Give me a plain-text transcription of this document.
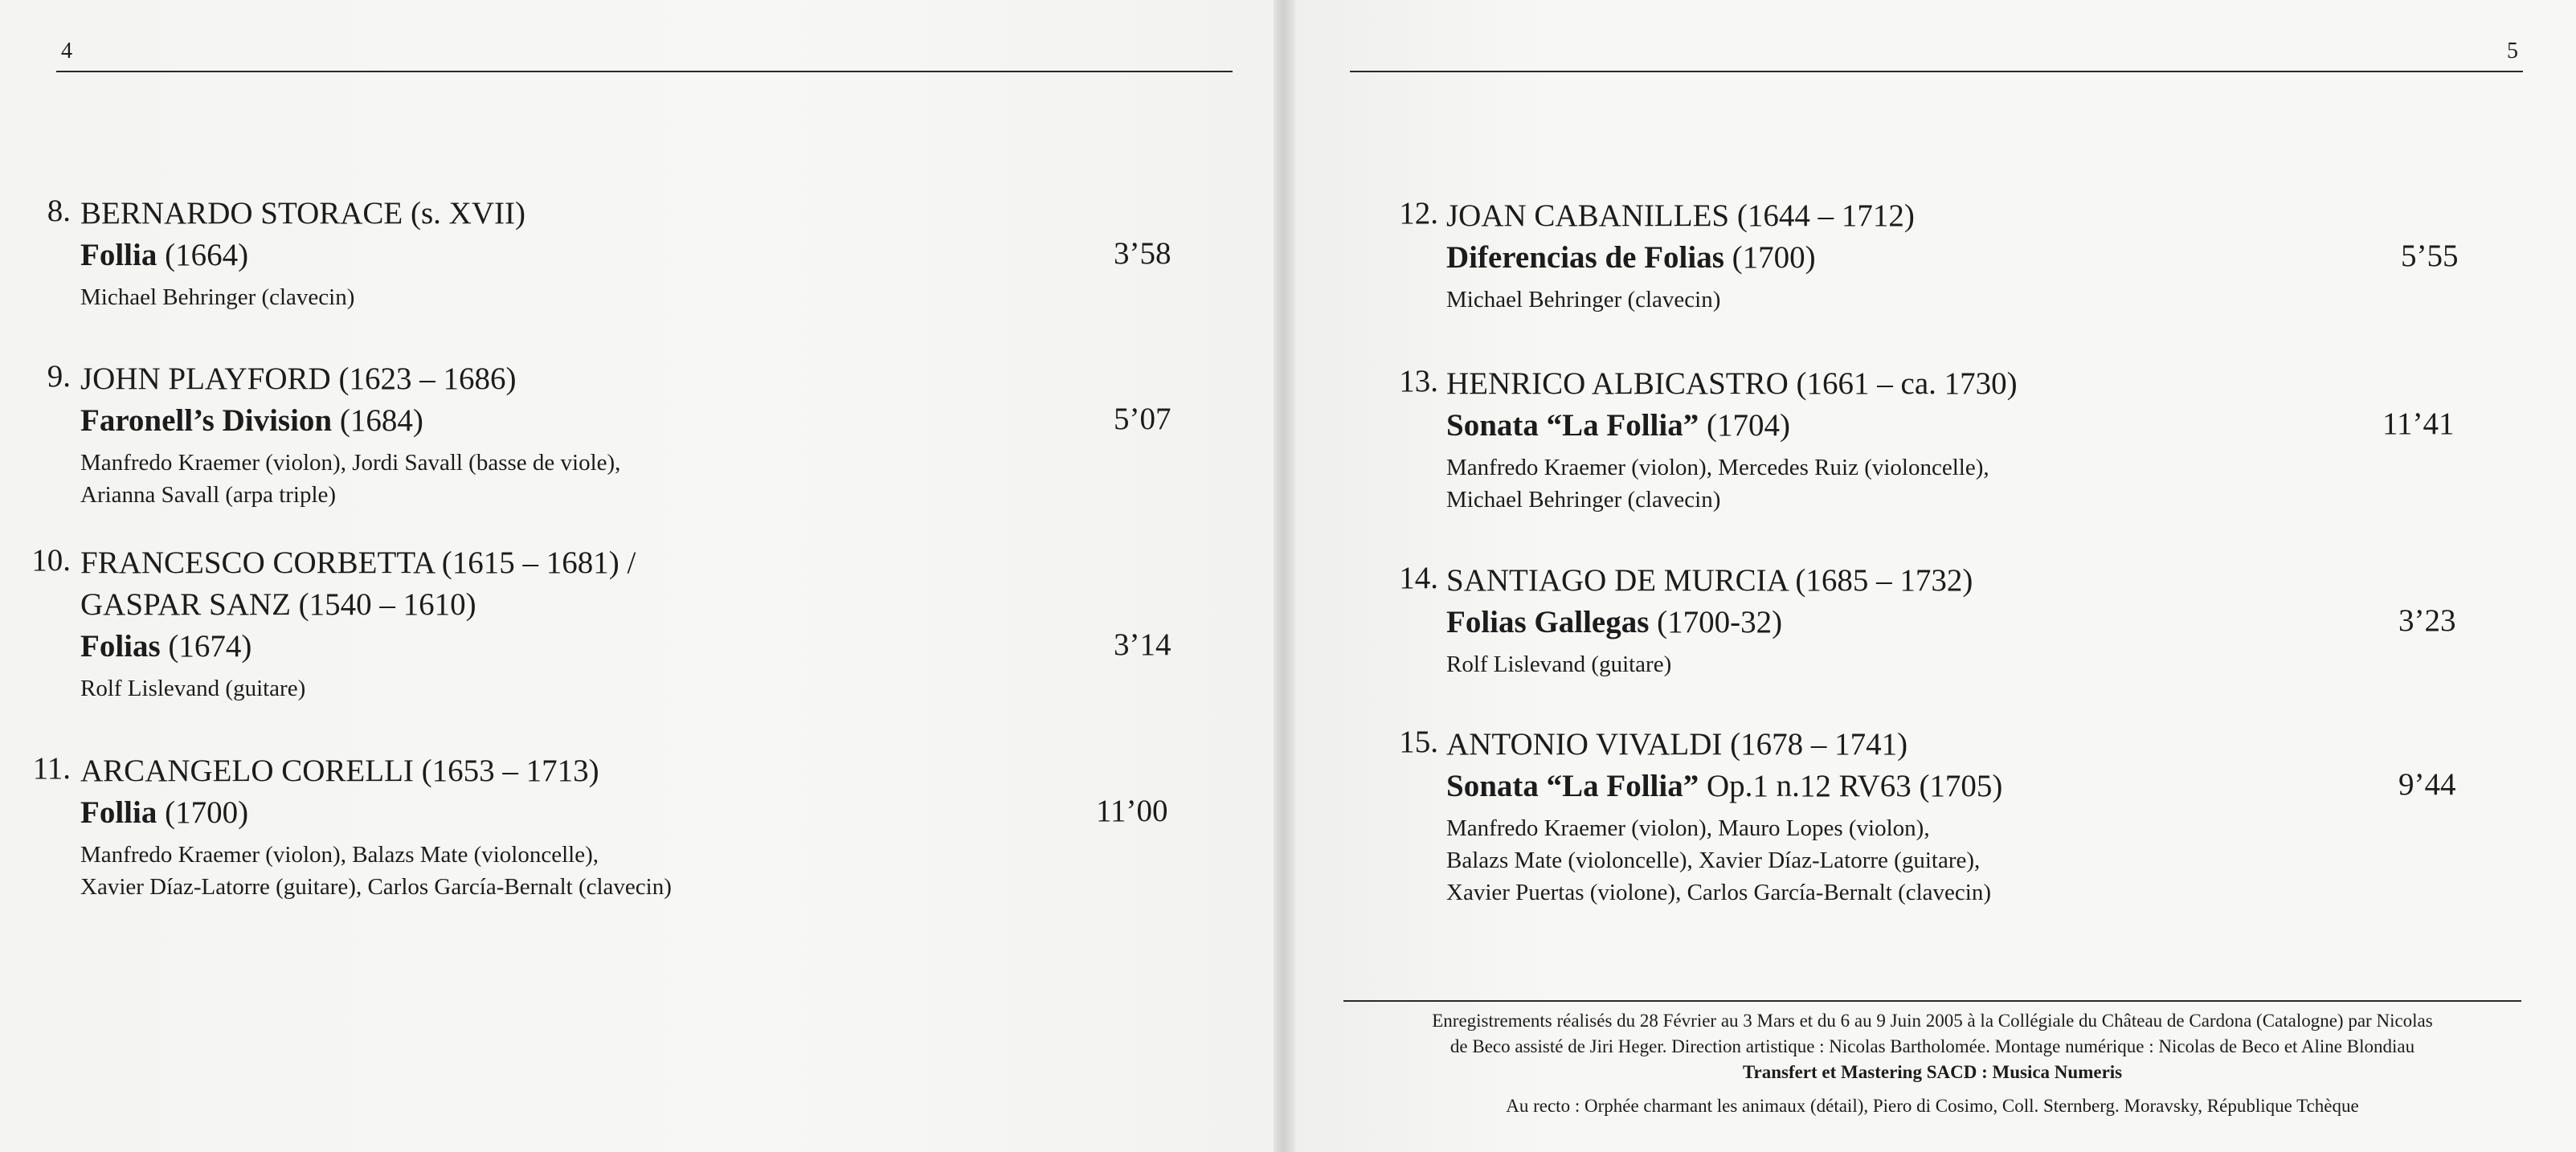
4	5
8. BERNARDO STORACE (s. XVII)
Follia (1664)
Michael Behringer (clavecin)
3’58
9. JOHN PLAYFORD (1623 – 1686)
Faronell’s Division (1684)
Manfredo Kraemer (violon), Jordi Savall (basse de viole),
Arianna Savall (arpa triple)
5’07
10. FRANCESCO CORBETTA (1615 – 1681) /
GASPAR SANZ (1540 – 1610)
Folias (1674)
Rolf Lislevand (guitare)
3’14
11. ARCANGELO CORELLI (1653 – 1713)
Follia (1700)
Manfredo Kraemer (violon), Balazs Mate (violoncelle),
Xavier Díaz-Latorre (guitare), Carlos García-Bernalt (clavecin)
11’00
12. JOAN CABANILLES (1644 – 1712)
Diferencias de Folias (1700)
Michael Behringer (clavecin)
5’55
13. HENRICO ALBICASTRO (1661 – ca. 1730)
Sonata “La Follia” (1704)
Manfredo Kraemer (violon), Mercedes Ruiz (violoncelle),
Michael Behringer (clavecin)
11’41
14. SANTIAGO DE MURCIA (1685 – 1732)
Folias Gallegas (1700-32)
Rolf Lislevand (guitare)
3’23
15. ANTONIO VIVALDI (1678 – 1741)
Sonata “La Follia” Op.1 n.12 RV63 (1705)
Manfredo Kraemer (violon), Mauro Lopes (violon),
Balazs Mate (violoncelle), Xavier Díaz-Latorre (guitare),
Xavier Puertas (violone), Carlos García-Bernalt (clavecin)
9’44
Enregistrements réalisés du 28 Février au 3 Mars et du 6 au 9 Juin 2005 à la Collégiale du Château de Cardona (Catalogne) par Nicolas
de Beco assisté de Jiri Heger. Direction artistique : Nicolas Bartholomée. Montage numérique : Nicolas de Beco et Aline Blondiau
Transfert et Mastering SACD : Musica Numeris
Au recto : Orphée charmant les animaux (détail), Piero di Cosimo, Coll. Sternberg. Moravsky, République Tchèque
